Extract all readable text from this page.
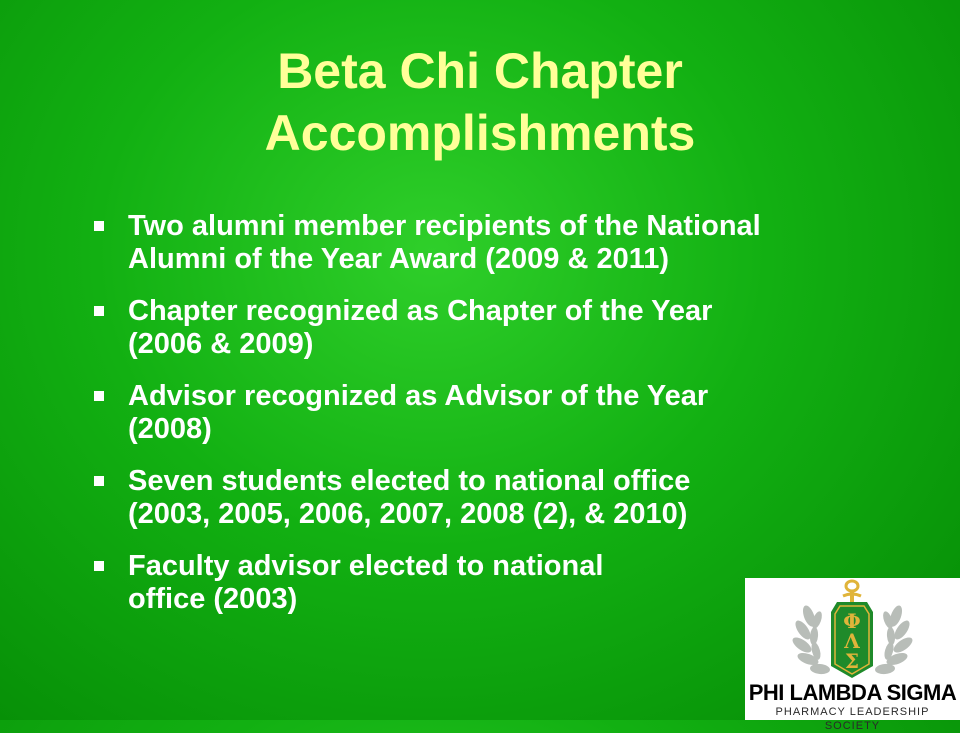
Beta Chi Chapter
Accomplishments
Two alumni member recipients of the National
Alumni of the Year Award (2009 & 2011)
Chapter recognized as Chapter of the Year
(2006 & 2009)
Advisor recognized as Advisor of the Year
(2008)
Seven students elected to national office
(2003, 2005, 2006, 2007, 2008 (2), & 2010)
Faculty advisor elected to national
office (2003)
Φ
Λ
Σ
PHI LAMBDA SIGMA
PHARMACY LEADERSHIP SOCIETY
